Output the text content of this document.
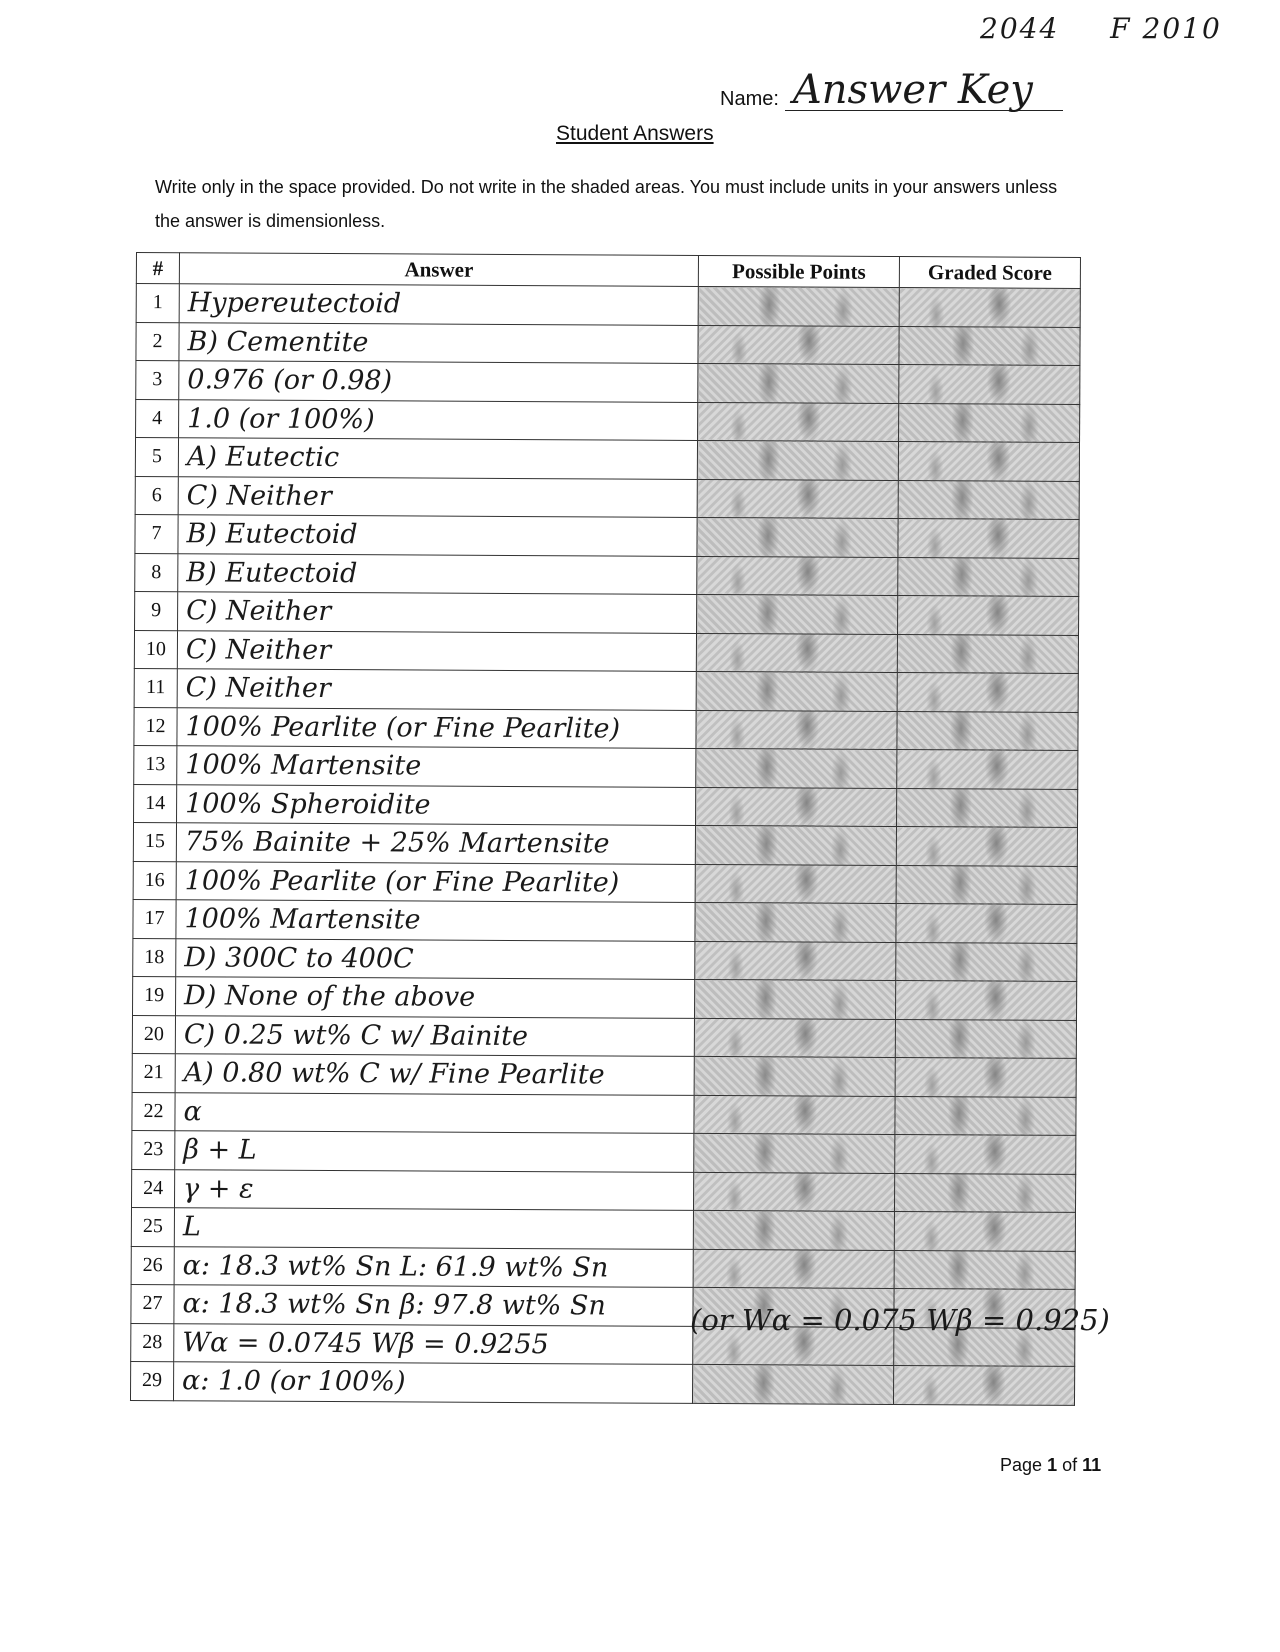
2044 F 2010
Name: Answer Key
Student Answers
Write only in the space provided. Do not write in the shaded areas. You must include units in your answers unless the answer is dimensionless.
#	Answer	Possible Points	Graded Score
1	Hypereutectoid		
2	B) Cementite		
3	0.976 (or 0.98)		
4	1.0 (or 100%)		
5	A) Eutectic		
6	C) Neither		
7	B) Eutectoid		
8	B) Eutectoid		
9	C) Neither		
10	C) Neither		
11	C) Neither		
12	100% Pearlite (or Fine Pearlite)		
13	100% Martensite		
14	100% Spheroidite		
15	75% Bainite + 25% Martensite		
16	100% Pearlite (or Fine Pearlite)		
17	100% Martensite		
18	D) 300C to 400C		
19	D) None of the above		
20	C) 0.25 wt% C w/ Bainite		
21	A) 0.80 wt% C w/ Fine Pearlite		
22	α		
23	β + L		
24	γ + ε		
25	L		
26	α: 18.3 wt% Sn L: 61.9 wt% Sn		
27	α: 18.3 wt% Sn β: 97.8 wt% Sn		
28	Wα = 0.0745 Wβ = 0.9255		
29	α: 1.0 (or 100%)		
(or Wα = 0.075 Wβ = 0.925)
Page 1 of 11
